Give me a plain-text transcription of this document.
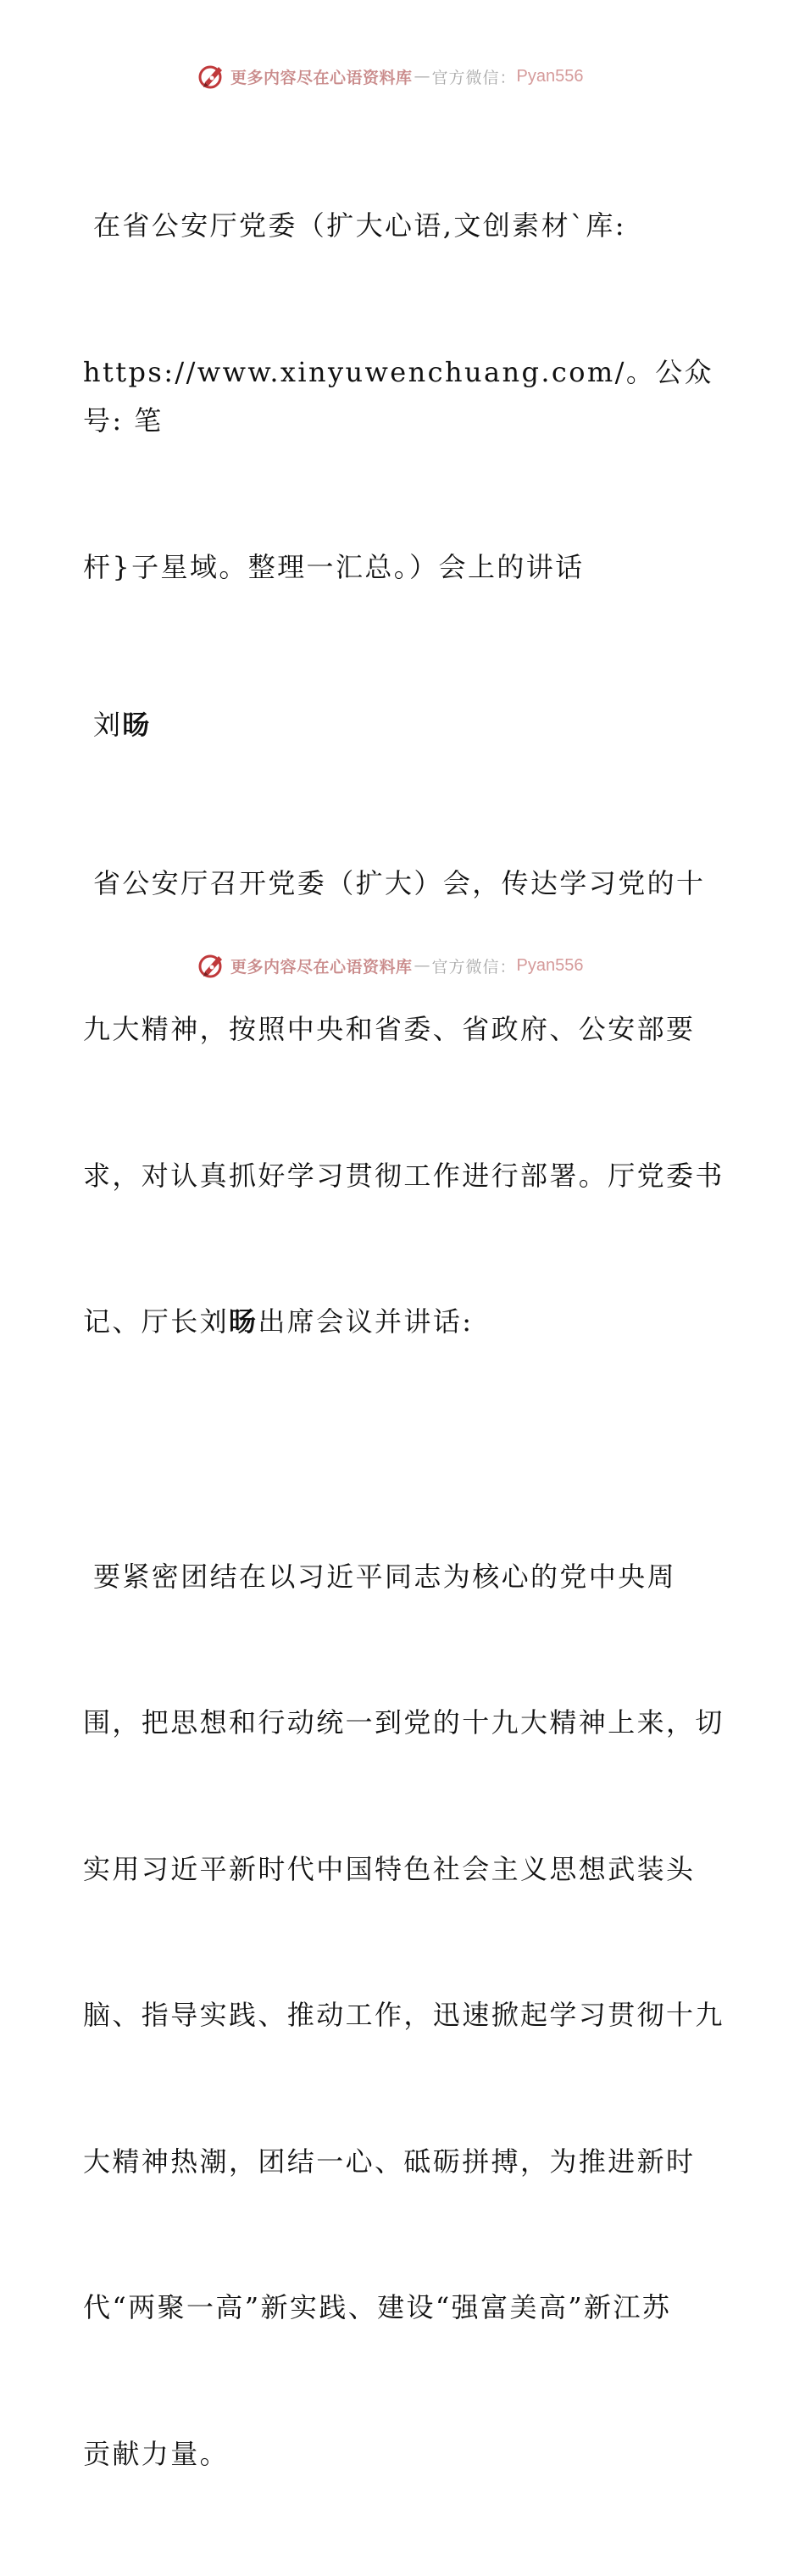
更多内容尽在心语资料库 — 官方微信： Pyan556

在省公安厅党委（扩大心语,文创素材`库:

https://www.xinyuwenchuang.com/。公众号: 笔

杆}子星域。整理一汇总。）会上的讲话

刘旸

省公安厅召开党委（扩大）会，传达学习党的十

九大精神，按照中央和省委、省政府、公安部要

求，对认真抓好学习贯彻工作进行部署。厅党委书

记、厅长刘旸出席会议并讲话:

要紧密团结在以习近平同志为核心的党中央周

围，把思想和行动统一到党的十九大精神上来，切

实用习近平新时代中国特色社会主义思想武装头

脑、指导实践、推动工作，迅速掀起学习贯彻十九

大精神热潮，团结一心、砥砺拼搏，为推进新时

代“两聚一高”新实践、建设“强富美高”新江苏

贡献力量。

更多内容尽在心语资料库 — 官方微信： Pyan556
